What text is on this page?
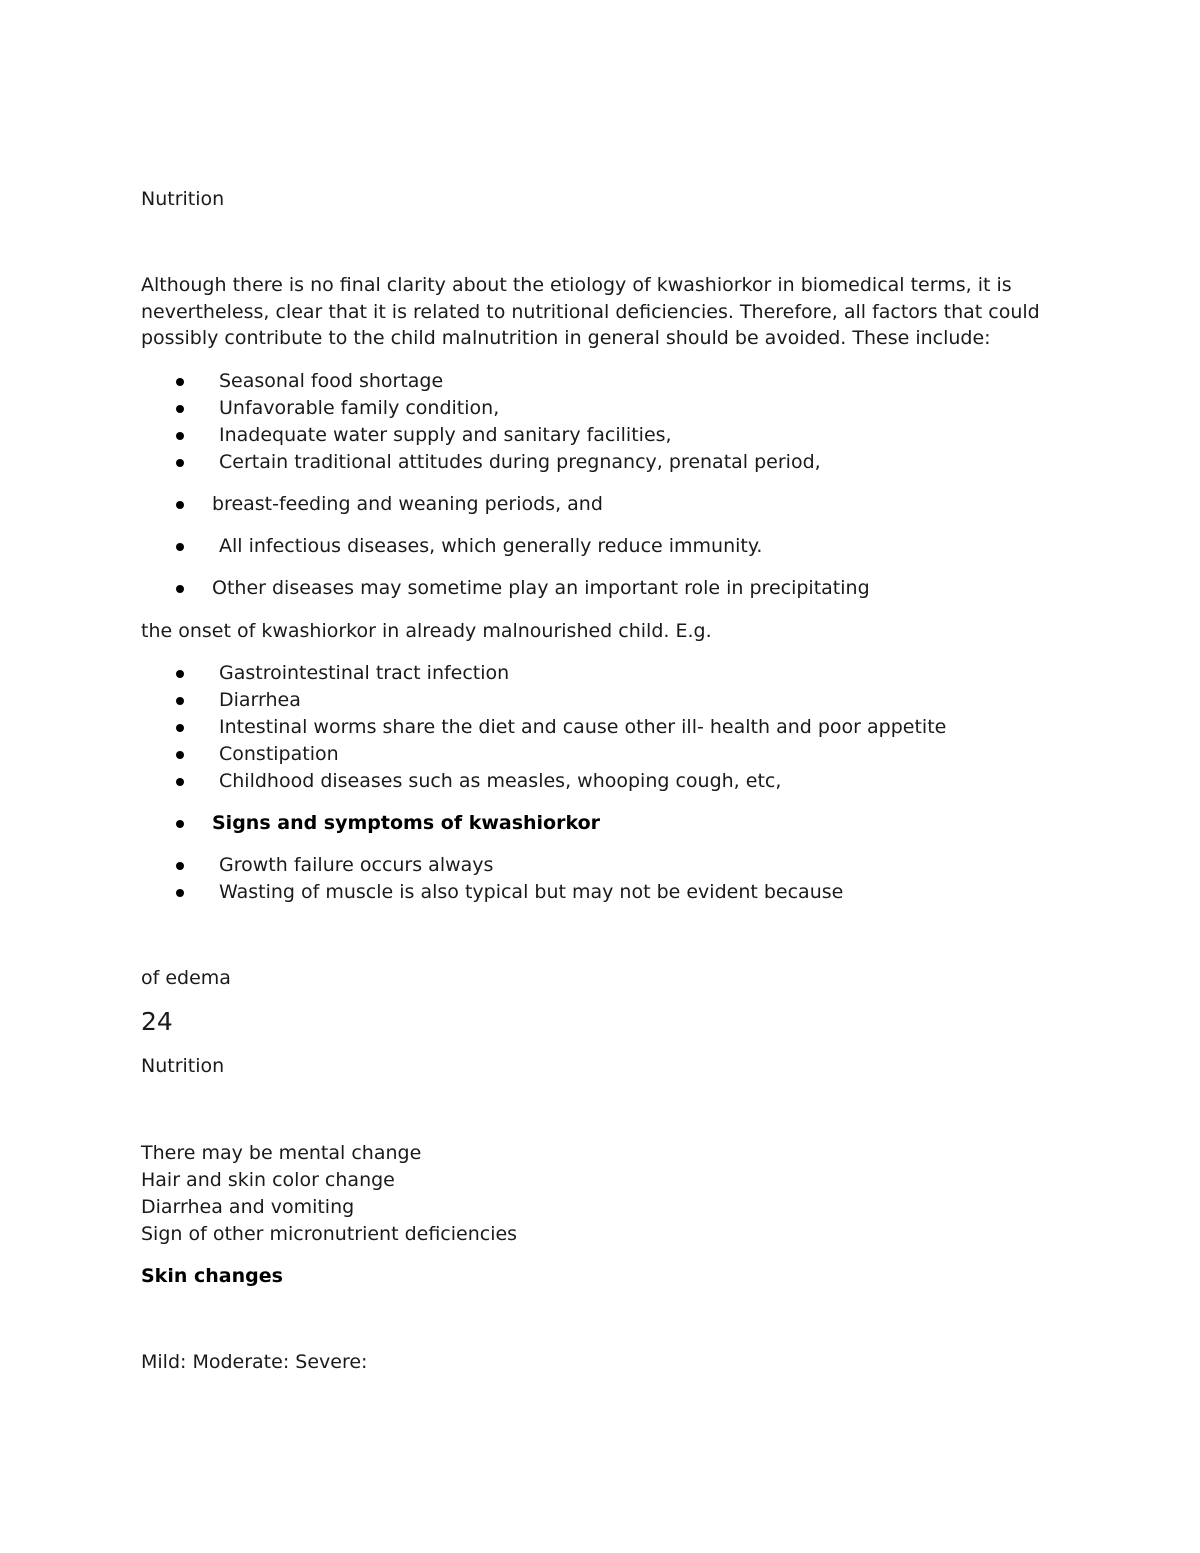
Nutrition

Although there is no final clarity about the etiology of kwashiorkor in biomedical terms, it is nevertheless, clear that it is related to nutritional deficiencies. Therefore, all factors that could possibly contribute to the child malnutrition in general should be avoided. These include:

Seasonal food shortage
Unfavorable family condition,
Inadequate water supply and sanitary facilities,
Certain traditional attitudes during pregnancy, prenatal period,
breast-feeding and weaning periods, and
All infectious diseases, which generally reduce immunity.
Other diseases may sometime play an important role in precipitating
the onset of kwashiorkor in already malnourished child. E.g.
Gastrointestinal tract infection
Diarrhea
Intestinal worms share the diet and cause other ill- health and poor appetite
Constipation
Childhood diseases such as measles, whooping cough, etc,
Signs and symptoms of kwashiorkor
Growth failure occurs always
Wasting of muscle is also typical but may not be evident because
of edema
24
Nutrition
There may be mental change
Hair and skin color change
Diarrhea and vomiting
Sign of other micronutrient deficiencies
Skin changes
Mild: Moderate: Severe:
